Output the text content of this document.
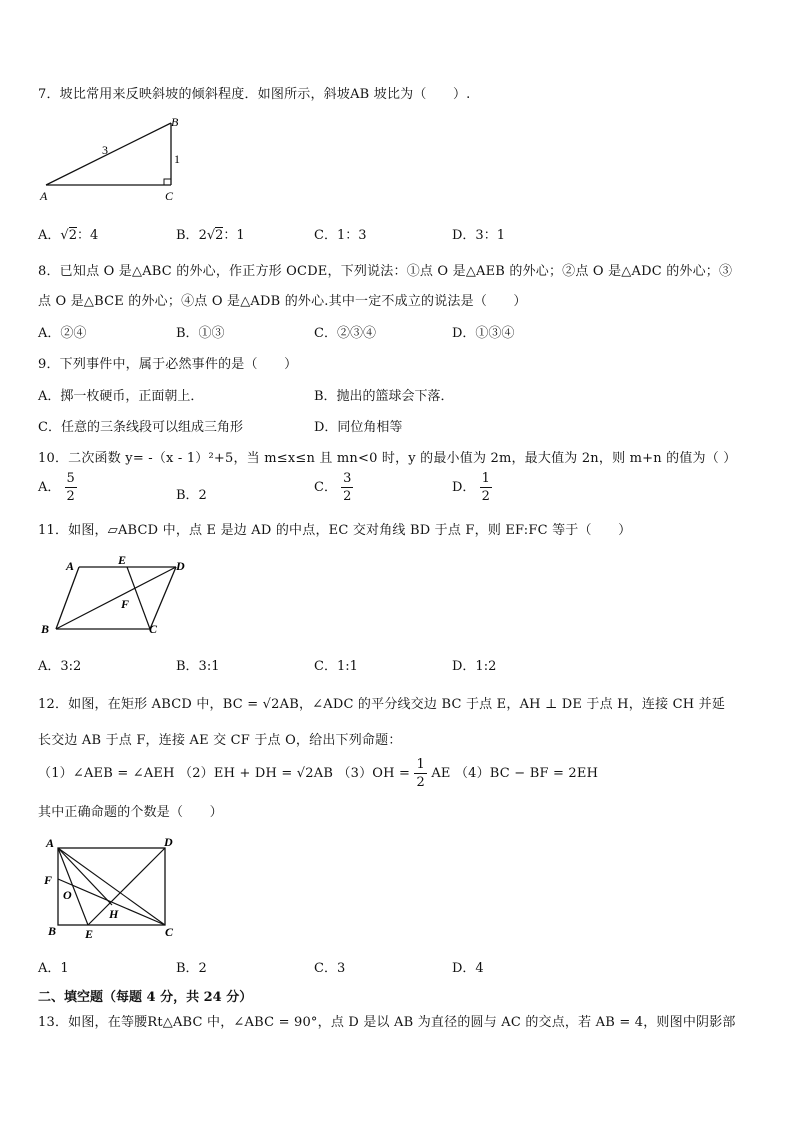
7．坡比常用来反映斜坡的倾斜程度．如图所示，斜坡AB 坡比为（　　）.
A
B
C
3
1
A．√2：4	B．2√2：1	C．1：3	D．3：1
8．已知点 O 是△ABC 的外心，作正方形 OCDE，下列说法：①点 O 是△AEB 的外心；②点 O 是△ADC 的外心；③
点 O 是△BCE 的外心；④点 O 是△ADB 的外心.其中一定不成立的说法是（　　）
A．②④	B．①③	C．②③④	D．①③④
9．下列事件中，属于必然事件的是（　　）
A．掷一枚硬币，正面朝上．	B．抛出的篮球会下落．
C．任意的三条线段可以组成三角形	D．同位角相等
10．二次函数 y= -（x - 1）²+5，当 m≤x≤n 且 mn<0 时，y 的最小值为 2m，最大值为 2n，则 m+n 的值为（ ）
A． $\frac{5}{2}$	B．2
C． $\frac{3}{2}$	D． $\frac{1}{2}$
11．如图，▱ABCD 中，点 E 是边 AD 的中点，EC 交对角线 BD 于点 F，则 EF:FC 等于（　　）
A	E	D
F
B	C
A．3:2	B．3:1	C．1:1	D．1:2
12．如图，在矩形 ABCD 中，BC = √2AB，∠ADC 的平分线交边 BC 于点 E，AH ⊥ DE 于点 H，连接 CH 并延
长交边 AB 于点 F，连接 AE 交 CF 于点 O，给出下列命题：
（1）∠AEB = ∠AEH （2）EH + DH = √2AB $(3)OH = \frac{1}{2}$ AE （4）BC − BF = 2EH
其中正确命题的个数是（　　）
A	D
F
O
H
B E	C
A．1	B．2	C．3	D．4
二、填空题（每题 4 分，共 24 分）
13．如图，在等腰Rt△ABC 中，∠ABC = 90°，点 D 是以 AB 为直径的圆与 AC 的交点，若 AB = 4，则图中阴影部
